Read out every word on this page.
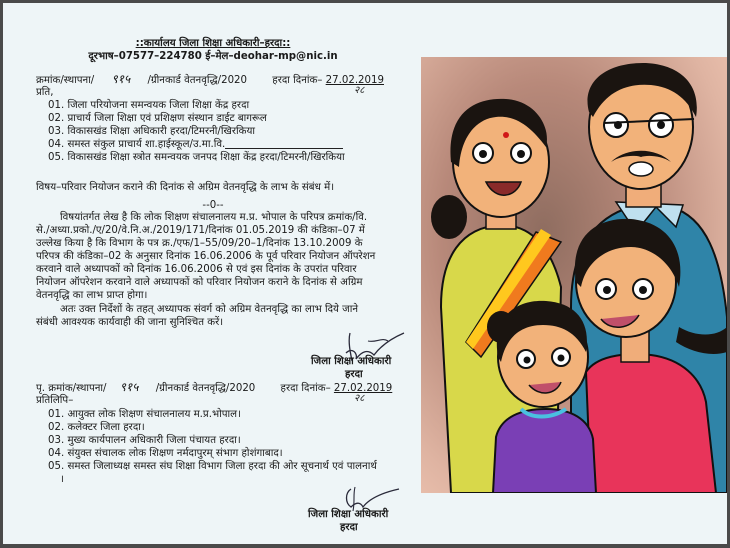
::कार्यालय जिला शिक्षा अधिकारी–हरदा::
दूरभाष–07577–224780 ई–मेल–deohar-mp@nic.in
क्रमांक/स्थापना/ ९१५ /ग्रीनकार्ड वेतनवृद्धि/2020 हरदा दिनांक– 27.02.2019
प्रति,	२८
01. जिला परियोजना समन्वयक जिला शिक्षा केंद्र हरदा
02. प्राचार्य जिला शिक्षा एवं प्रशिक्षण संस्थान डाईट बागरूल
03. विकासखंड शिक्षा अधिकारी हरदा/टिमरनी/खिरकिया
04. समस्त संकुल प्राचार्य शा.हाईस्कूल/उ.मा.वि.
05. विकासखंड शिक्षा स्त्रोत समन्वयक जनपद शिक्षा केंद्र हरदा/टिमरनी/खिरकिया
विषय–परिवार नियोजन कराने की दिनांक से अग्रिम वेतनवृद्धि के लाभ के संबंध में।
--0--
विषयांतर्गत लेख है कि लोक शिक्षण संचालनालय म.प्र. भोपाल के परिपत्र क्रमांक/वि.
से./अध्या.प्रको./ए/20/वे.नि.अ./2019/171/दिनांक 01.05.2019 की कंडिका–07 में
उल्लेख किया है कि विभाग के पत्र क्र./एफ/1–55/09/20–1/दिनांक 13.10.2009 के
परिपत्र की कंडिका–02 के अनुसार दिनांक 16.06.2006 के पूर्व परिवार नियोजन ऑपरेशन
करवाने वाले अध्यापकों को दिनांक 16.06.2006 से एवं इस दिनांक के उपरांत परिवार
नियोजन ऑपरेशन करवाने वाले अध्यापकों को परिवार नियोजन कराने के दिनांक से अग्रिम
वेतनवृद्धि का लाभ प्राप्त होगा।
अतः उक्त निर्देशों के तहत् अध्यापक संवर्ग को अग्रिम वेतनवृद्धि का लाभ दिये जाने
संबंधी आवश्यक कार्यवाही की जाना सुनिश्चित करें।
जिला शिक्षा अधिकारी
हरदा
पृ. क्रमांक/स्थापना/ ९१५ /ग्रीनकार्ड वेतनवृद्धि/2020 हरदा दिनांक– 27.02.2019
प्रतिलिपि–	२८
01. आयुक्त लोक शिक्षण संचालनालय म.प्र.भोपाल।
02. कलेक्टर जिला हरदा।
03. मुख्य कार्यपालन अधिकारी जिला पंचायत हरदा।
04. संयुक्त संचालक लोक शिक्षण नर्मदापुरम् संभाग होशंगाबाद।
05. समस्त जिलाध्यक्ष समस्त संघ शिक्षा विभाग जिला हरदा की ओर सूचनार्थ एवं पालनार्थ
।
जिला शिक्षा अधिकारी
हरदा
